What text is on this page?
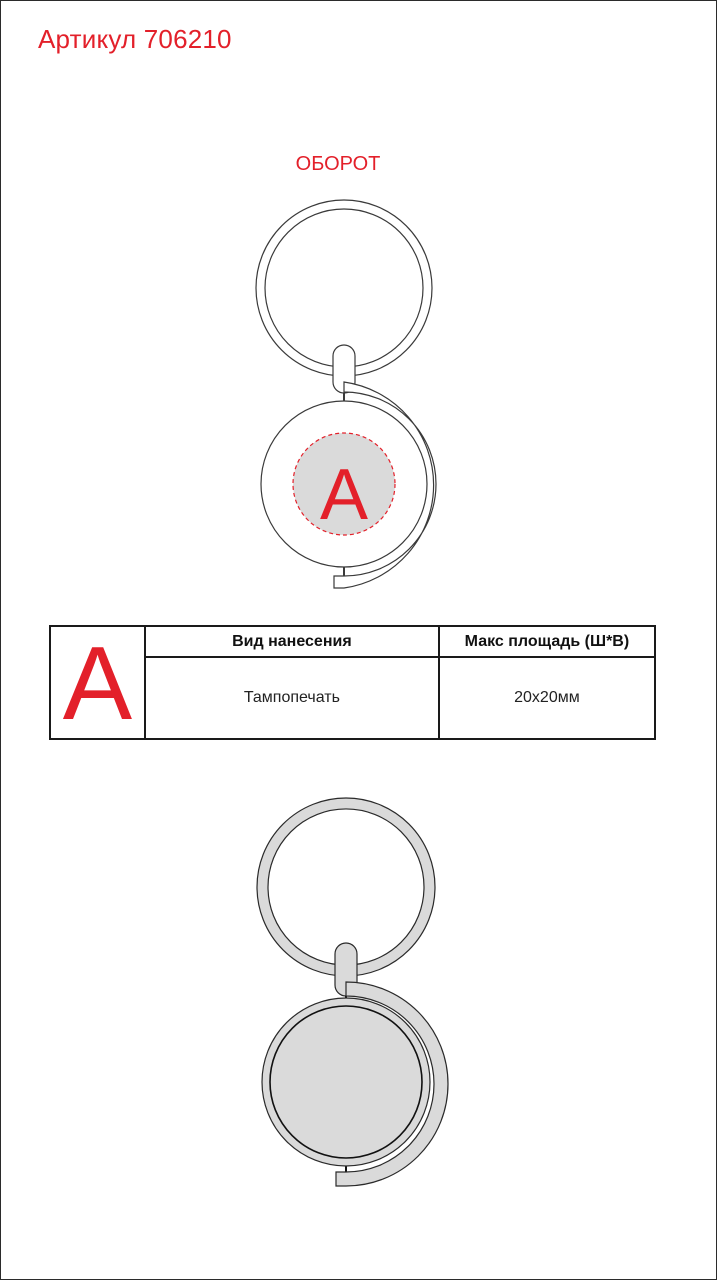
Артикул 706210
ОБОРОТ
A
A	Вид нанесения	Макс площадь (Ш*В)
	Тампопечать	20x20мм
